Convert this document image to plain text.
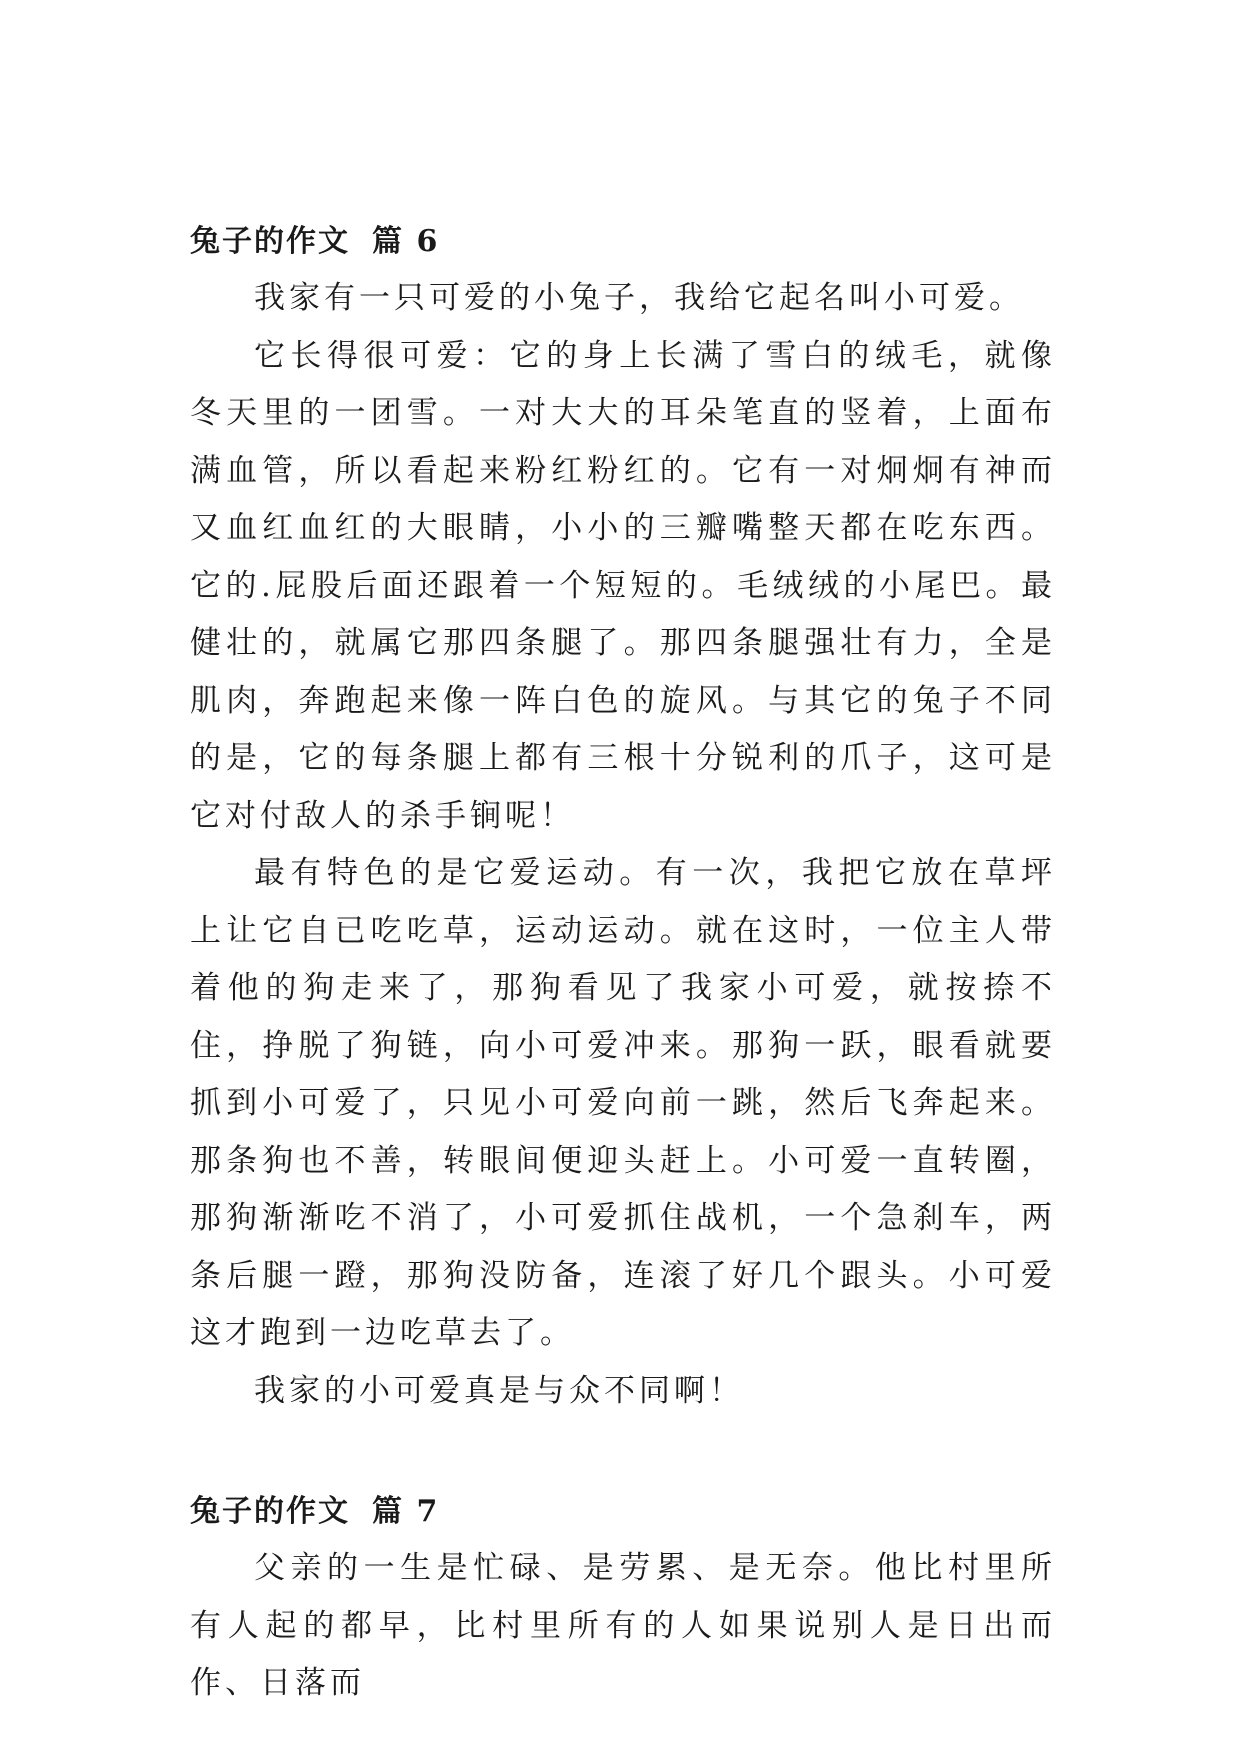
兔子的作文 篇 6

我家有一只可爱的小兔子，我给它起名叫小可爱。

它长得很可爱：它的身上长满了雪白的绒毛，就像冬天里的一团雪。一对大大的耳朵笔直的竖着，上面布满血管，所以看起来粉红粉红的。它有一对炯炯有神而又血红血红的大眼睛，小小的三瓣嘴整天都在吃东西。它的.屁股后面还跟着一个短短的。毛绒绒的小尾巴。最健壮的，就属它那四条腿了。那四条腿强壮有力，全是肌肉，奔跑起来像一阵白色的旋风。与其它的兔子不同的是，它的每条腿上都有三根十分锐利的爪子，这可是它对付敌人的杀手锏呢！

最有特色的是它爱运动。有一次，我把它放在草坪上让它自已吃吃草，运动运动。就在这时，一位主人带着他的狗走来了，那狗看见了我家小可爱，就按捺不住，挣脱了狗链，向小可爱冲来。那狗一跃，眼看就要抓到小可爱了，只见小可爱向前一跳，然后飞奔起来。那条狗也不善，转眼间便迎头赶上。小可爱一直转圈，那狗渐渐吃不消了，小可爱抓住战机，一个急刹车，两条后腿一蹬，那狗没防备，连滚了好几个跟头。小可爱这才跑到一边吃草去了。

我家的小可爱真是与众不同啊！

兔子的作文 篇 7

父亲的一生是忙碌、是劳累、是无奈。他比村里所有人起的都早，比村里所有的人如果说别人是日出而作、日落而
